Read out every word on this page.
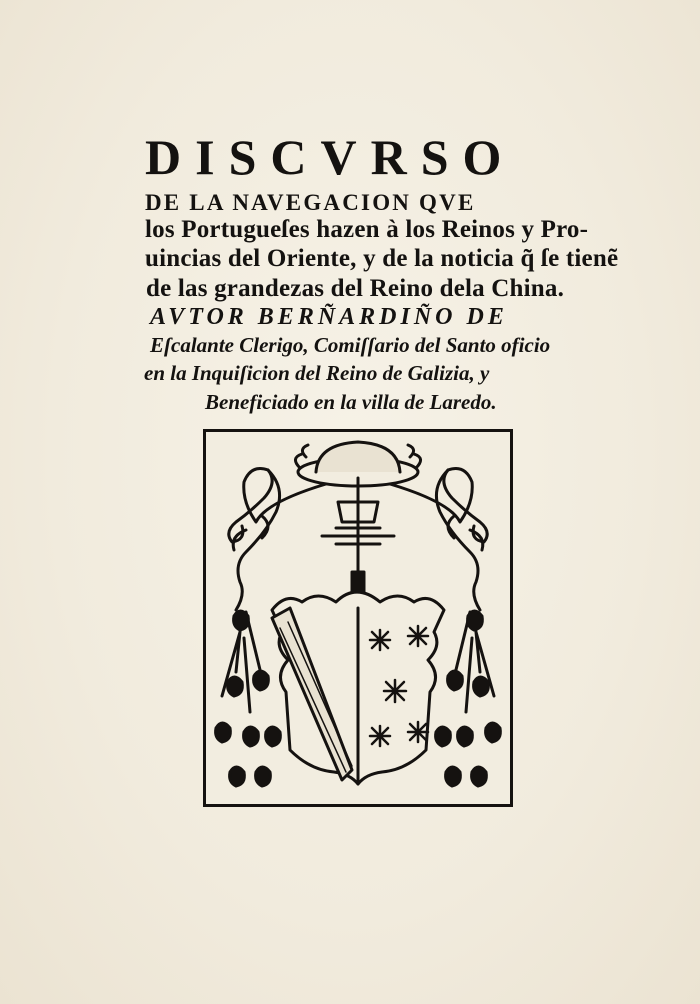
DISCVRSO
DE LA NAVEGACION QVE
los Portugueſes hazen à los Reinos y Pro-
uincias del Oriente, y de la noticia q̃ ſe tienẽ
de las grandezas del Reino dela China.
AVTOR BERÑARDIÑO DE
Eſcalante Clerigo, Comiſſario del Santo oficio
en la Inquiſicion del Reino de Galizia, y
Beneficiado en la villa de Laredo.
